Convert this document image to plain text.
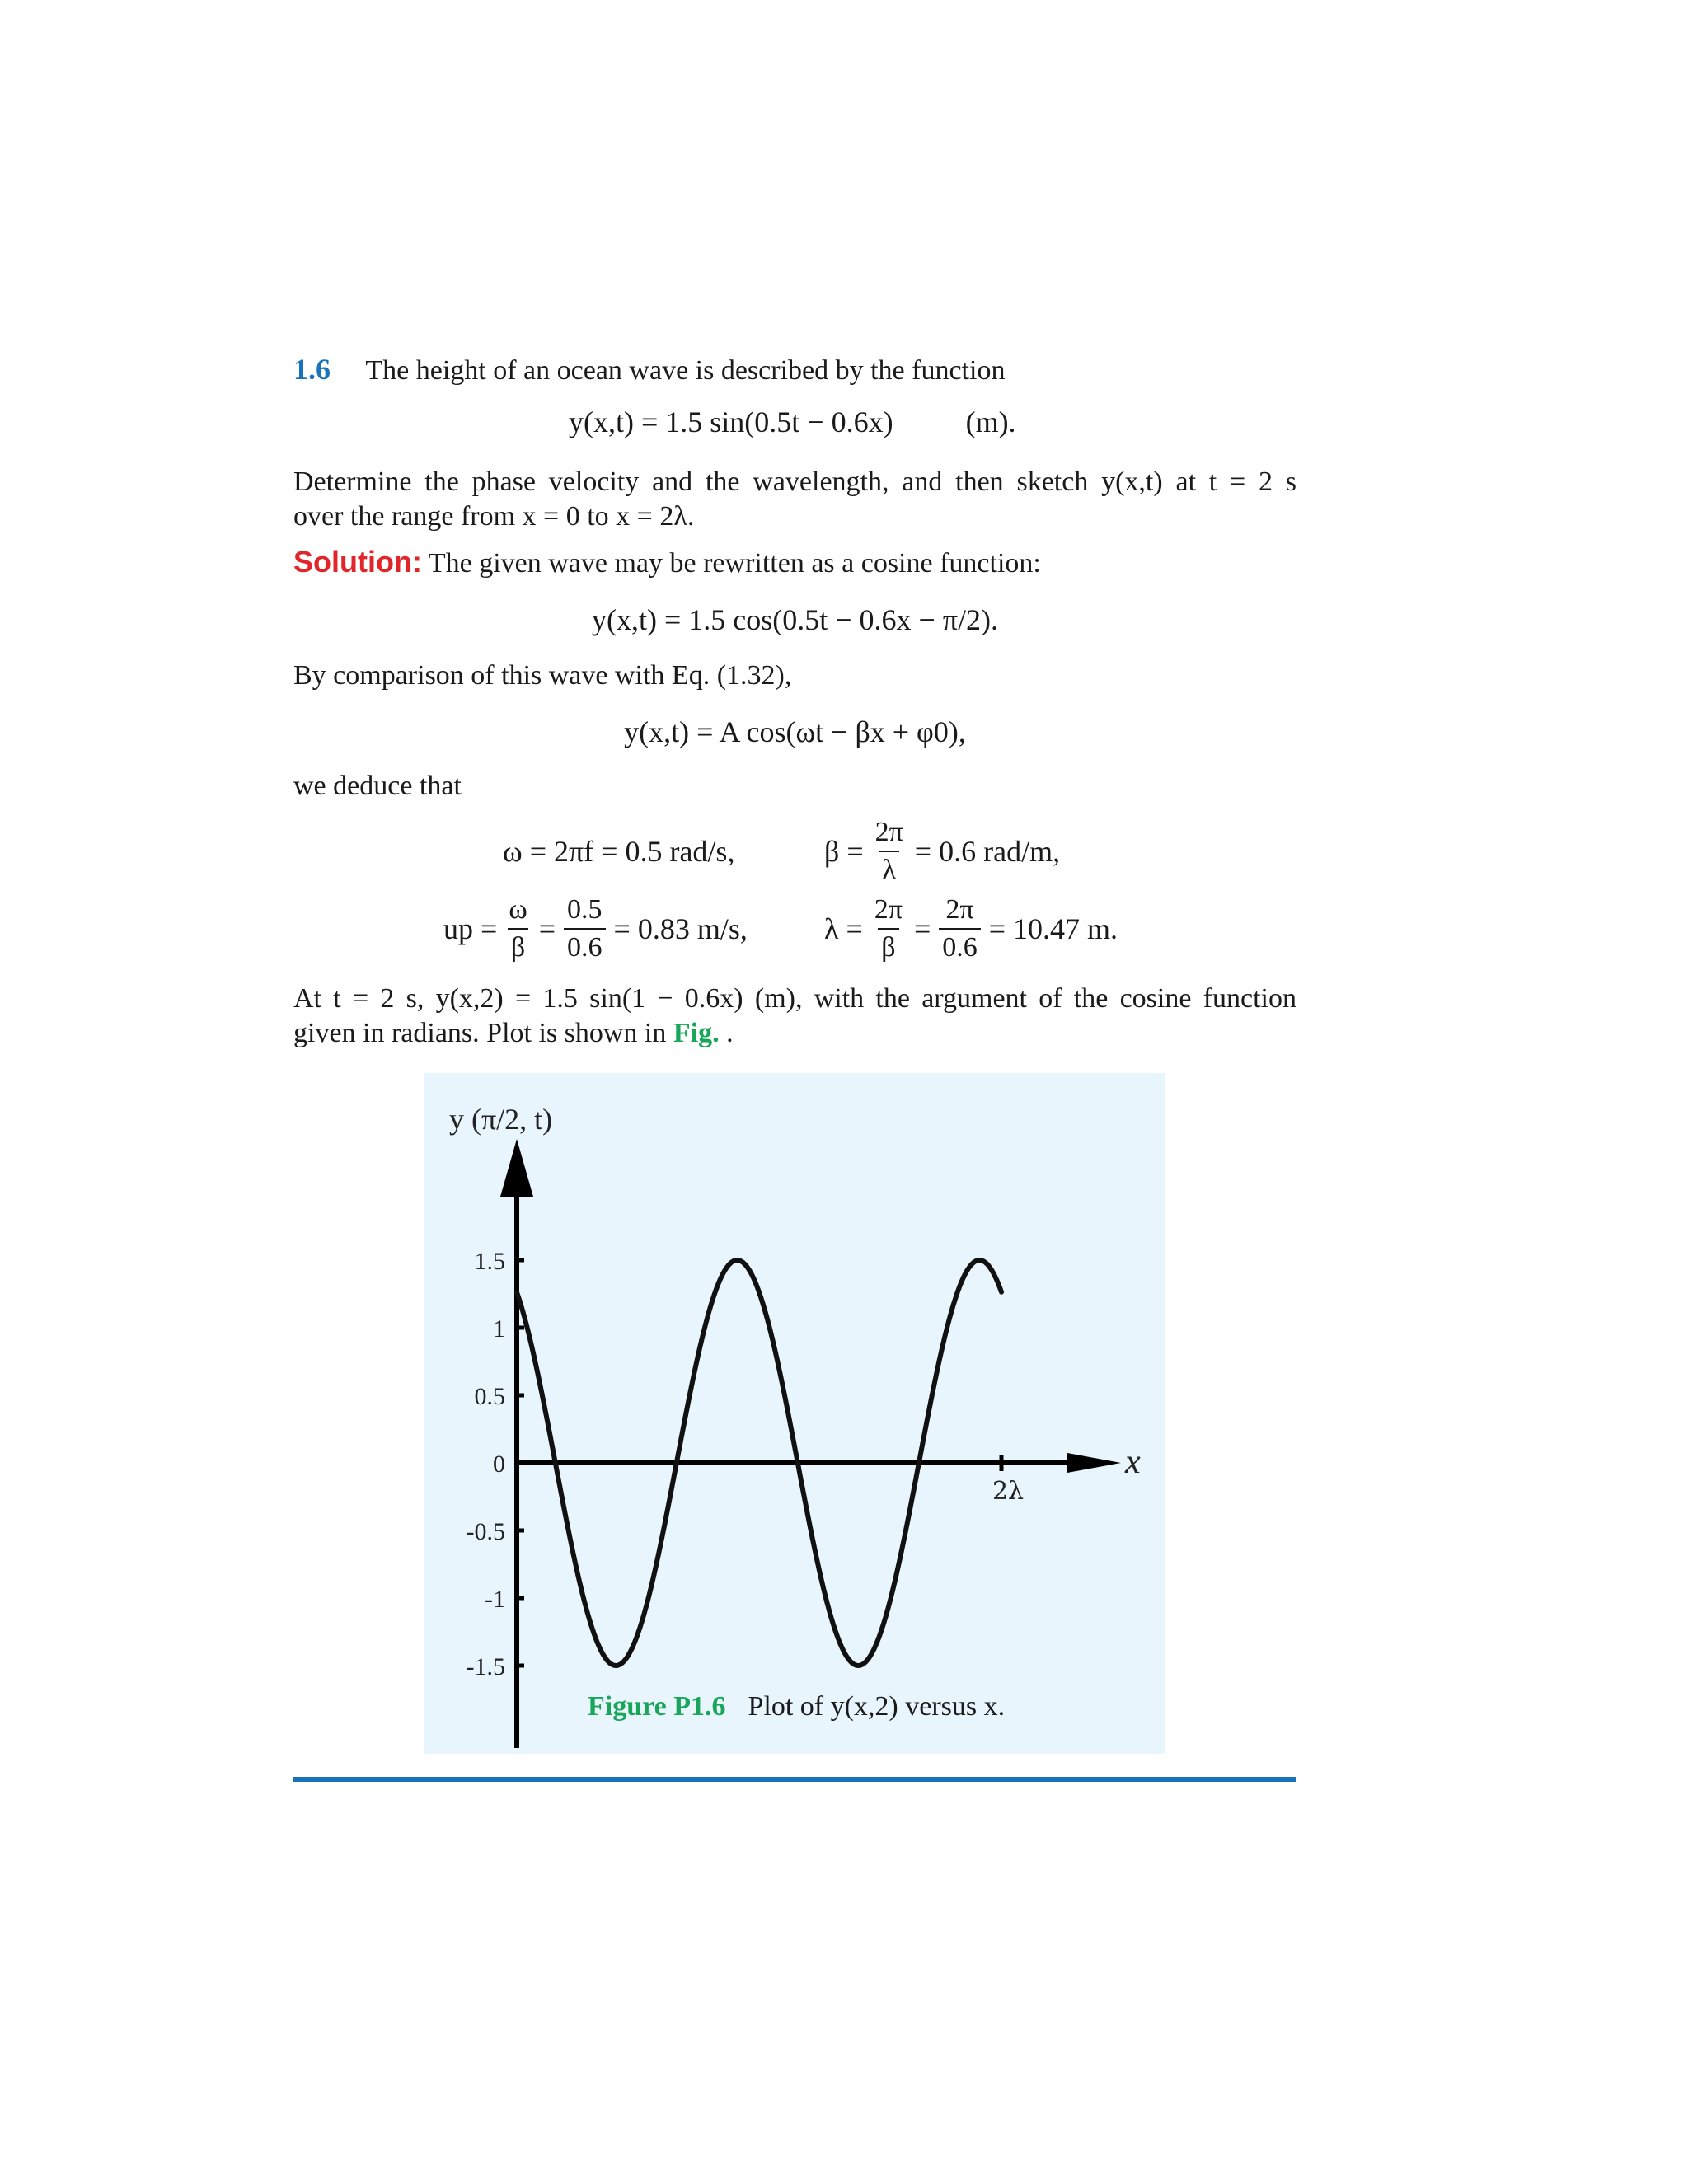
1.6 The height of an ocean wave is described by the function
y(x,t) = 1.5 sin(0.5t − 0.6x) (m).
Determine the phase velocity and the wavelength, and then sketch y(x,t) at t = 2 s
over the range from x = 0 to x = 2λ.
Solution: The given wave may be rewritten as a cosine function:
y(x,t) = 1.5 cos(0.5t − 0.6x − π/2).
By comparison of this wave with Eq. (1.32),
y(x,t) = A cos(ωt − βx + φ0),
we deduce that
ω = 2πf = 0.5 rad/s,	$\beta = \frac{2\pi}{\lambda} = 0.6$ rad/m,
up = $\frac{\omega}{\beta} = \frac{0.5}{0.6} = 0.83$ m/s,	$\lambda = \frac{2\pi}{\beta} = \frac{2\pi}{0.6} = 10.47$ m.
At t = 2 s, y(x,2) = 1.5 sin(1 − 0.6x) (m), with the argument of the cosine function
given in radians. Plot is shown in Fig. .
1.5
1
0.5
0
-0.5
-1
-1.5
y (π/2, t)
x
2λ
Figure P1.6 Plot of y(x,2) versus x.
